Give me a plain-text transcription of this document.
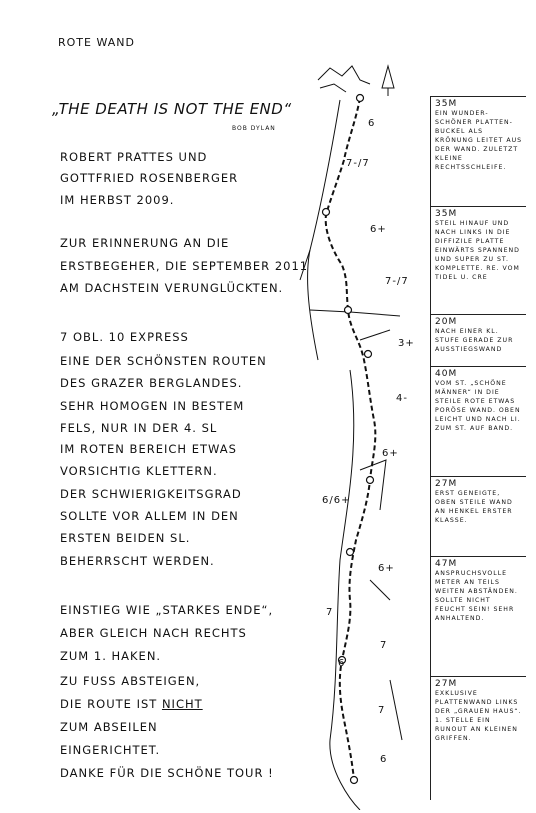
ROTE WAND
„THE DEATH IS NOT THE END“
BOB DYLAN
ROBERT PRATTES UND
GOTTFRIED ROSENBERGER
IM HERBST 2009.
ZUR ERINNERUNG AN DIE
ERSTBEGEHER, DIE SEPTEMBER 2011
AM DACHSTEIN VERUNGLÜCKTEN.
7 OBL. 10 EXPRESS
EINE DER SCHÖNSTEN ROUTEN
DES GRAZER BERGLANDES.
SEHR HOMOGEN IN BESTEM
FELS, NUR IN DER 4. SL
IM ROTEN BEREICH ETWAS
VORSICHTIG KLETTERN.
DER SCHWIERIGKEITSGRAD
SOLLTE VOR ALLEM IN DEN
ERSTEN BEIDEN SL.
BEHERRSCHT WERDEN.
EINSTIEG WIE „STARKES ENDE“,
ABER GLEICH NACH RECHTS
ZUM 1. HAKEN.
ZU FUSS ABSTEIGEN,
DIE ROUTE IST NICHT
ZUM ABSEILEN
EINGERICHTET.
DANKE FÜR DIE SCHÖNE TOUR !
6
7-/7
6+
7-/7
3+
4-
6+
6/6+
6+
7
7
6
7
6
35M
EIN WUNDER-SCHÖNER PLATTEN-BUCKEL ALS KRÖNUNG LEITET AUS DER WAND. ZULETZT KLEINE RECHTSSCHLEIFE.
35M
STEIL HINAUF UND NACH LINKS IN DIE DIFFIZILE PLATTE EINWÄRTS SPANNEND UND SUPER ZU ST. KOMPLETTE. RE. VOM TIDEL U. CRE
20M
NACH EINER KL. STUFE GERADE ZUR AUSSTIEGSWAND
40M
VOM ST. „SCHÖNE MÄNNER“ IN DIE STEILE ROTE ETWAS PORÖSE WAND. OBEN LEICHT UND NACH LI. ZUM ST. AUF BAND.
27M
ERST GENEIGTE, OBEN STEILE WAND AN HENKEL ERSTER KLASSE.
47M
ANSPRUCHSVOLLE METER AN TEILS WEITEN ABSTÄNDEN. SOLLTE NICHT FEUCHT SEIN! SEHR ANHALTEND.
27M
EXKLUSIVE PLATTENWAND LINKS DER „GRAUEN HAUS“. 1. STELLE EIN RUNOUT AN KLEINEN GRIFFEN.
